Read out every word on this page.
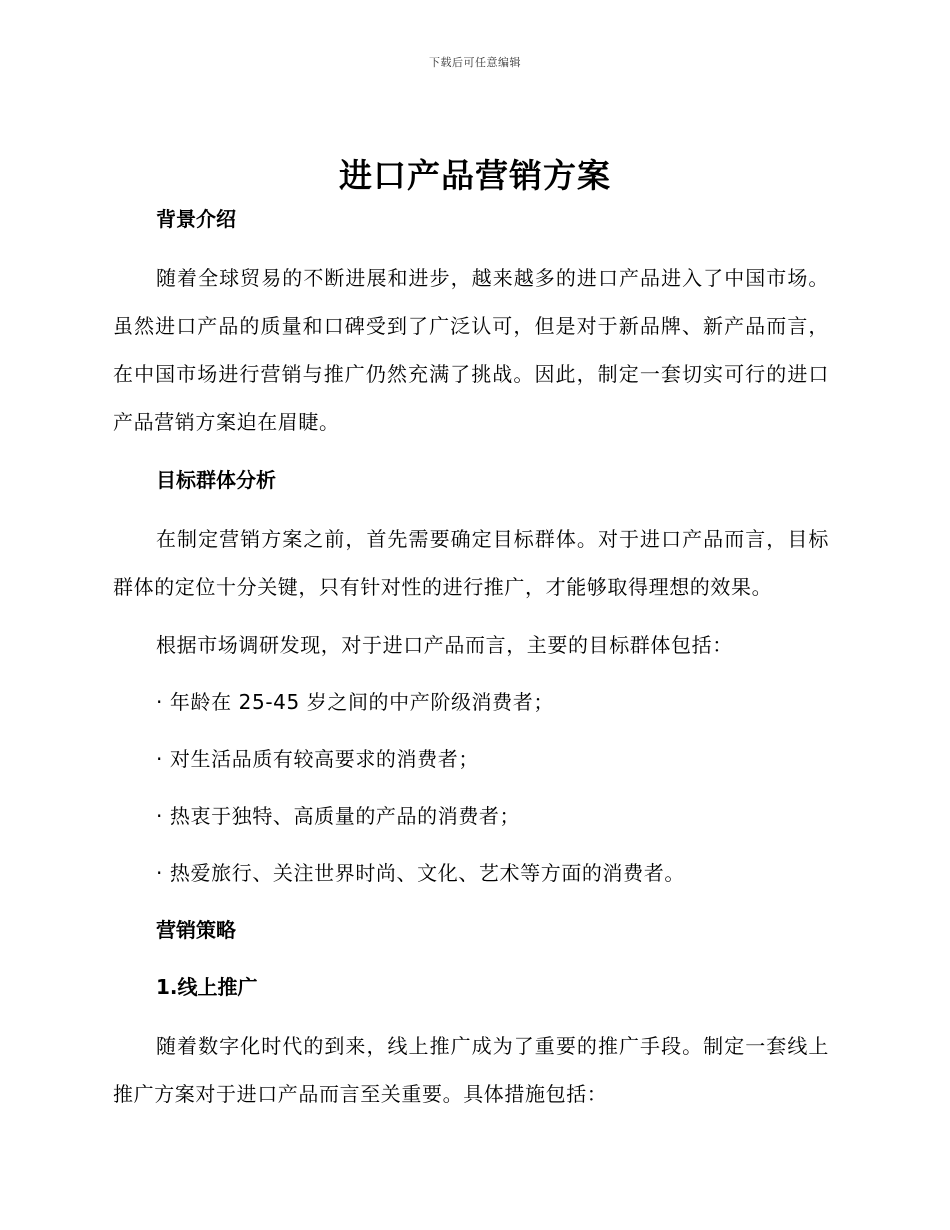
下载后可任意编辑
进口产品营销方案

背景介绍

随着全球贸易的不断进展和进步，越来越多的进口产品进入了中国市场。虽然进口产品的质量和口碑受到了广泛认可，但是对于新品牌、新产品而言，在中国市场进行营销与推广仍然充满了挑战。因此，制定一套切实可行的进口产品营销方案迫在眉睫。

目标群体分析

在制定营销方案之前，首先需要确定目标群体。对于进口产品而言，目标群体的定位十分关键，只有针对性的进行推广，才能够取得理想的效果。

根据市场调研发现，对于进口产品而言，主要的目标群体包括：

· 年龄在 25-45 岁之间的中产阶级消费者；

· 对生活品质有较高要求的消费者；

· 热衷于独特、高质量的产品的消费者；

· 热爱旅行、关注世界时尚、文化、艺术等方面的消费者。

营销策略

1.线上推广

随着数字化时代的到来，线上推广成为了重要的推广手段。制定一套线上推广方案对于进口产品而言至关重要。具体措施包括：
